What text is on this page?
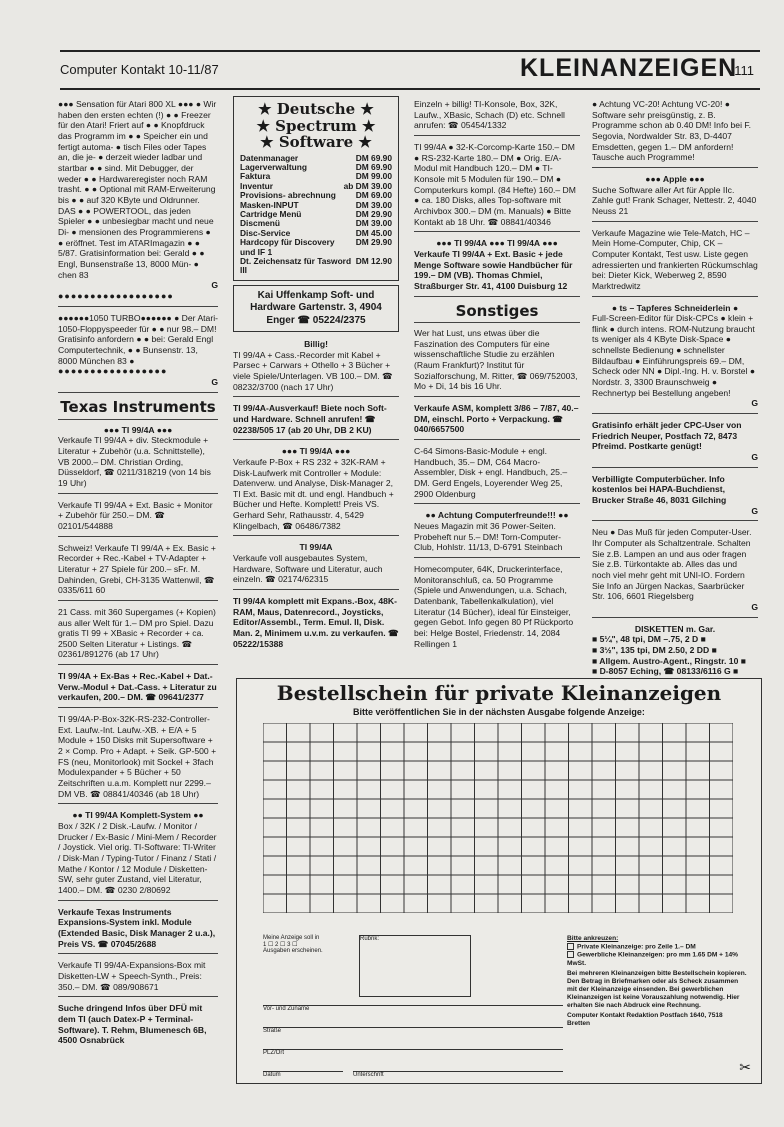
Computer Kontakt 10-11/87	KLEINANZEIGEN
111

●●● Sensation für Atari 800 XL ●●● ● Wir haben den ersten echten (!) ● ● Freezer für den Atari! Friert auf ● ● Knopfdruck das Programm im ● ● Speicher ein und fertigt automa- ● tisch Files oder Tapes an, die je- ● derzeit wieder ladbar und startbar ● ● sind. Mit Debugger, der weder ● ● Hardwareregister noch RAM trasht. ● ● Optional mit RAM-Erweiterung bis ● ● auf 320 KByte und Oldrunner. DAS ● ● POWERTOOL, das jeden Spieler ● ● unbesiegbar macht und neue Di- ● mensionen des Programmierens ● ● eröffnet. Test im ATARImagazin ● ● 5/87. Gratisinformation bei: Gerald ● ● Engl, Bunsenstraße 13, 8000 Mün- ● chen 83

G

●●●●●●●●●●●●●●●●●●

●●●●●●1050 TURBO●●●●●● ● Der Atari-1050-Floppyspeeder für ● ● nur 98.– DM! Gratisinfo anfordern ● ● bei: Gerald Engl Computertechnik, ● ● Bunsenstr. 13, 8000 München 83 ●

●●●●●●●●●●●●●●●●●

G
Texas Instruments

●●● TI 99/4A ●●●

Verkaufe TI 99/4A + div. Steckmodule + Literatur + Zubehör (u.a. Schnittstelle), VB 2000.– DM. Christian Ording, Düsseldorf, ☎ 0211/318219 (von 14 bis 19 Uhr)

Verkaufe TI 99/4A + Ext. Basic + Monitor + Zubehör für 250.– DM. ☎ 02101/544888

Schweiz! Verkaufe TI 99/4A + Ex. Basic + Recorder + Rec.-Kabel + TV-Adapter + Literatur + 27 Spiele für 200.– sFr. M. Dahinden, Grebi, CH-3135 Wattenwil, ☎ 0335/611 60

21 Cass. mit 360 Supergames (+ Kopien) aus aller Welt für 1.– DM pro Spiel. Dazu gratis TI 99 + XBasic + Recorder + ca. 2500 Selten Literatur + Listings. ☎ 02361/891276 (ab 17 Uhr)

TI 99/4A + Ex-Bas + Rec.-Kabel + Dat.- Verw.-Modul + Dat.-Cass. + Literatur zu verkaufen, 200.– DM. ☎ 09641/2377

TI 99/4A-P-Box-32K-RS-232-Controller-Ext. Laufw.-Int. Laufw.-XB. + E/A + 5 Module + 150 Disks mit Supersoftware + 2 × Comp. Pro + Adapt. + Seik. GP-500 + FS (neu, Monitorlook) mit Sockel + 3fach Modulexpander + 5 Bücher + 50 Zeitschriften u.a.m. Komplett nur 2299.– DM VB. ☎ 08841/40346 (ab 18 Uhr)

●● TI 99/4A Komplett-System ●●

Box / 32K / 2 Disk.-Laufw. / Monitor / Drucker / Ex-Basic / Mini-Mem / Recorder / Joystick. Viel orig. TI-Software: TI-Writer / Disk-Man / Typing-Tutor / Finanz / Stati / Mathe / Kontor / 12 Module / Disketten-SW, sehr guter Zustand, viel Literatur, 1400.– DM. ☎ 0230 2/80692

Verkaufe Texas Instruments Expansions-System inkl. Module (Extended Basic, Disk Manager 2 u.a.), Preis VS. ☎ 07045/2688

Verkaufe TI 99/4A-Expansions-Box mit Disketten-LW + Speech-Synth., Preis: 350.– DM. ☎ 089/908671

Suche dringend Infos über DFÜ mit dem TI (auch Datex-P + Terminal-Software). T. Rehm, Blumenesch 6B, 4500 Osnabrück

★ Deutsche ★
★ Spectrum ★
★ Software ★
Datenmanager	DM 69.90
Lagerverwaltung	DM 69.90
Faktura	DM 99.00
Inventur	ab DM 39.00
Provisions- abrechnung DM 69.00
Masken-INPUT	DM 39.00
Cartridge Menü	DM 29.90
Discmenü	DM 39.00
Disc-Service	DM 45.00
Hardcopy für Discovery und IF 1
DM 29.90
Dt. Zeichensatz für Tasword III
DM 12.90
Kai Uffenkamp Soft- und Hardware Gartenstr. 3, 4904 Enger ☎ 05224/2375

Billig!

TI 99/4A + Cass.-Recorder mit Kabel + Parsec + Carwars + Othello + 3 Bücher + viele Spiele/Unterlagen. VB 100.– DM. ☎ 08232/3700 (nach 17 Uhr)

TI 99/4A-Ausverkauf! Biete noch Soft- und Hardware. Schnell anrufen! ☎ 02238/505 17 (ab 20 Uhr, DB 2 KU)

●●● TI 99/4A ●●●

Verkaufe P-Box + RS 232 + 32K-RAM + Disk-Laufwerk mit Controller + Module: Datenverw. und Analyse, Disk-Manager 2, TI Ext. Basic mit dt. und engl. Handbuch + Bücher und Hefte. Komplett! Preis VS. Gerhard Sehr, Rathausstr. 4, 5429 Klingelbach, ☎ 06486/7382

TI 99/4A

Verkaufe voll ausgebautes System, Hardware, Software und Literatur, auch einzeln. ☎ 02174/62315

TI 99/4A komplett mit Expans.-Box, 48K-RAM, Maus, Datenrecord., Joysticks, Editor/Assembl., Term. Emul. II, Disk. Man. 2, Minimem u.v.m. zu verkaufen. ☎ 05222/15388

Einzeln + billig! TI-Konsole, Box, 32K, Laufw., XBasic, Schach (D) etc. Schnell anrufen: ☎ 05454/1332

TI 99/4A ● 32-K-Corcomp-Karte 150.– DM ● RS-232-Karte 180.– DM ● Orig. E/A-Modul mit Handbuch 120.– DM ● TI-Konsole mit 5 Modulen für 190.– DM ● Computerkurs kompl. (84 Hefte) 160.– DM ● ca. 180 Disks, alles Top-software mit Archivbox 300.– DM (m. Manuals) ● Bitte Kontakt ab 18 Uhr. ☎ 08841/40346

●●● TI 99/4A ●●● TI 99/4A ●●●

Verkaufe TI 99/4A + Ext. Basic + jede Menge Software sowie Handbücher für 199.– DM (VB). Thomas Chmiel, Straßburger Str. 41, 4100 Duisburg 12

Sonstiges

Wer hat Lust, uns etwas über die Faszination des Computers für eine wissenschaftliche Studie zu erzählen (Raum Frankfurt)? Institut für Sozialforschung, M. Ritter, ☎ 069/752003, Mo + Di, 14 bis 16 Uhr.

Verkaufe ASM, komplett 3/86 – 7/87, 40.– DM, einschl. Porto + Verpackung. ☎ 040/6657500

C-64 Simons-Basic-Module + engl. Handbuch, 35.– DM, C64 Macro-Assembler, Disk + engl. Handbuch, 25.– DM. Gerd Engels, Loyerender Weg 25, 2900 Oldenburg

●● Achtung Computerfreunde!!! ●●

Neues Magazin mit 36 Power-Seiten. Probeheft nur 5.– DM! Torn-Computer-Club, Hohlstr. 11/13, D-6791 Steinbach

Homecomputer, 64K, Druckerinterface, Monitoranschluß, ca. 50 Programme (Spiele und Anwendungen, u.a. Schach, Datenbank, Tabellenkalkulation), viel Literatur (14 Bücher), ideal für Einsteiger, gegen Gebot. Info gegen 80 Pf Rückporto bei: Helge Bostel, Friedenstr. 14, 2084 Rellingen 1

● Achtung VC-20! Achtung VC-20! ● Software sehr preisgünstig, z. B. Programme schon ab 0.40 DM! Info bei F. Segovia, Nordwalder Str. 83, D-4407 Emsdetten, gegen 1.– DM anfordern! Tausche auch Programme!

●●● Apple ●●●

Suche Software aller Art für Apple IIc. Zahle gut! Frank Schager, Nettestr. 2, 4040 Neuss 21

Verkaufe Magazine wie Tele-Match, HC – Mein Home-Computer, Chip, CK – Computer Kontakt, Test usw. Liste gegen adressierten und frankierten Rückumschlag bei: Dieter Kick, Weberweg 2, 8590 Marktredwitz

● ts – Tapferes Schneiderlein ●

Full-Screen-Editor für Disk-CPCs ● klein + flink ● durch intens. ROM-Nutzung braucht ts weniger als 4 KByte Disk-Space ● schnellste Bedienung ● schnellster Bildaufbau ● Einführungspreis 69.– DM, Scheck oder NN ● Dipl.-Ing. H. v. Borstel ● Nordstr. 3, 3300 Braunschweig ● Rechnertyp bei Bestellung angeben!

G

Gratisinfo erhält jeder CPC-User von Friedrich Neuper, Postfach 72, 8473 Pfreimd. Postkarte genügt!

G

Verbilligte Computerbücher. Info kostenlos bei HAPA-Buchdienst, Brucker Straße 46, 8031 Gilching

G

Neu ● Das Muß für jeden Computer-User. Ihr Computer als Schaltzentrale. Schalten Sie z.B. Lampen an und aus oder fragen Sie z.B. Türkontakte ab. Alles das und noch viel mehr geht mit UNI-IO. Fordern Sie Info an Jürgen Nackas, Saarbrücker Str. 106, 6601 Riegelsberg

G

DISKETTEN m. Gar.

■ 5¼", 48 tpi, DM –.75, 2 D ■

■ 3½", 135 tpi, DM 2.50, 2 DD ■

■ Allgem. Austro-Agent., Ringstr. 10 ■

■ D-8057 Eching, ☎ 08133/6116 G ■

Bestellschein für private Kleinanzeigen
Bitte veröffentlichen Sie in der nächsten Ausgabe folgende Anzeige:
Meine Anzeige soll in
1 ☐ 2 ☐ 3 ☐
Ausgaben erscheinen.
Rubrik:
Vor- und Zuname
Straße
PLZ/Ort
Datum	Unterschrift
Bitte ankreuzen:
Private Kleinanzeige: pro Zeile 1.– DM
Gewerbliche Kleinanzeigen: pro mm 1.65 DM + 14% MwSt.
Bei mehreren Kleinanzeigen bitte Bestellschein kopieren. Den Betrag in Briefmarken oder als Scheck zusammen mit der Kleinanzeige einsenden. Bei gewerblichen Kleinanzeigen ist keine Vorauszahlung notwendig. Hier erhalten Sie nach Abdruck eine Rechnung.
Computer Kontakt Redaktion Postfach 1640, 7518 Bretten
✂
